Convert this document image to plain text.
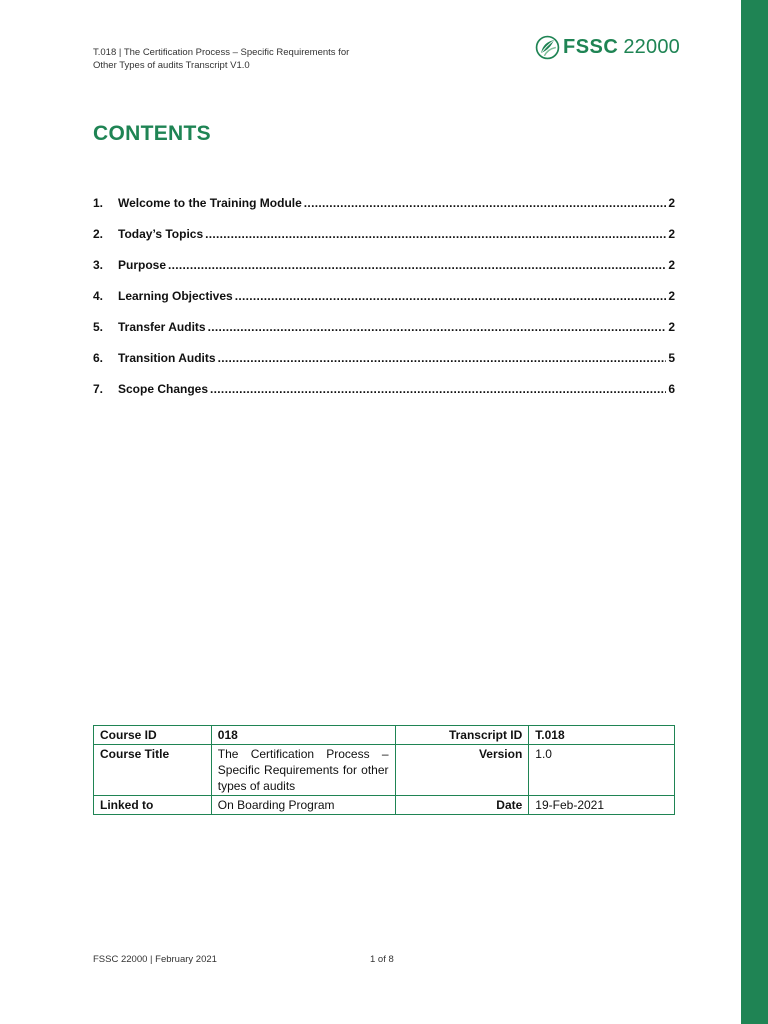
T.018 | The Certification Process – Specific Requirements for
Other Types of audits Transcript V1.0
FSSC 22000
CONTENTS
1.	Welcome to the Training Module .....	2
2.	Today’s Topics .....	2
3.	Purpose .....	2
4.	Learning Objectives .....	2
5.	Transfer Audits .....	2
6.	Transition Audits .....	5
7.	Scope Changes .....	6
Course ID	018	Transcript ID	T.018
Course Title	The Certification Process – Specific Requirements for other types of audits	Version	1.0
Linked to	On Boarding Program	Date	19-Feb-2021
FSSC 22000 | February 2021	1 of 8
